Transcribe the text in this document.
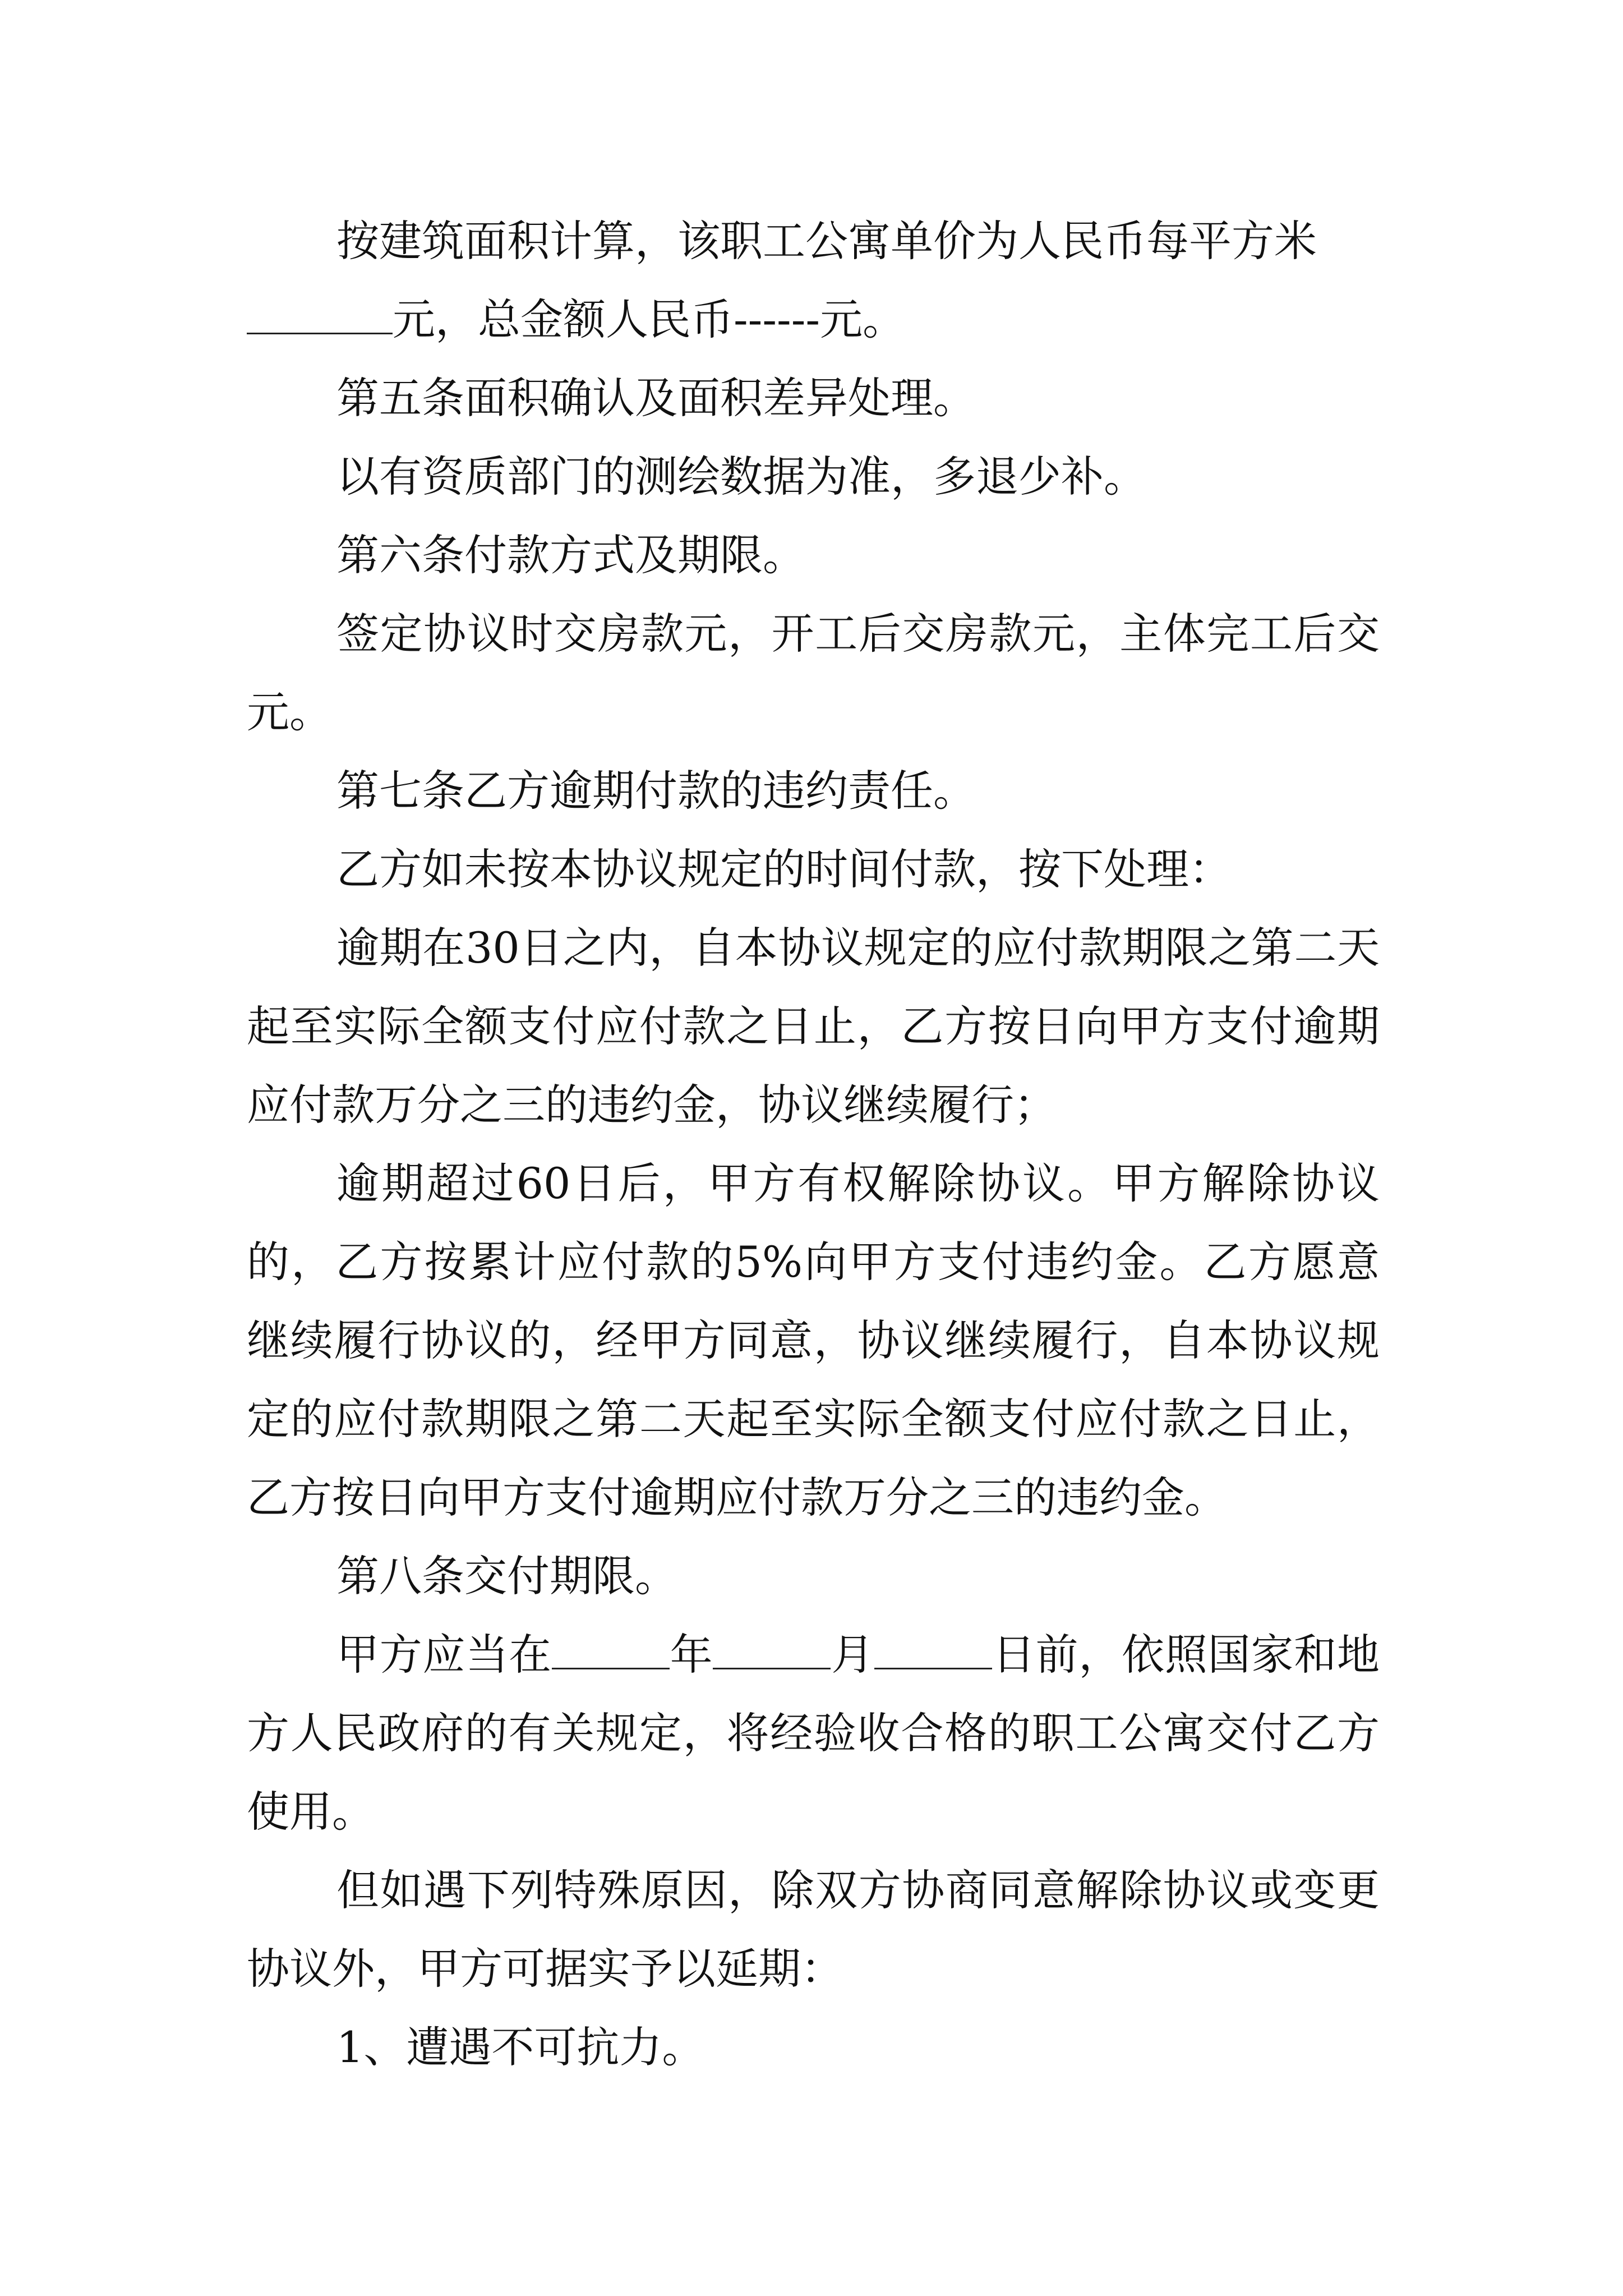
按建筑面积计算，该职工公寓单价为人民币每平方米

元，总金额人民币------元。

第五条面积确认及面积差异处理。

以有资质部门的测绘数据为准，多退少补。

第六条付款方式及期限。

签定协议时交房款元，开工后交房款元，主体完工后交元。

第七条乙方逾期付款的违约责任。

乙方如未按本协议规定的时间付款，按下处理：

逾期在30日之内，自本协议规定的应付款期限之第二天起至实际全额支付应付款之日止，乙方按日向甲方支付逾期应付款万分之三的违约金，协议继续履行；

逾期超过60日后，甲方有权解除协议。甲方解除协议的，乙方按累计应付款的5%向甲方支付违约金。乙方愿意继续履行协议的，经甲方同意，协议继续履行，自本协议规定的应付款期限之第二天起至实际全额支付应付款之日止，乙方按日向甲方支付逾期应付款万分之三的违约金。

第八条交付期限。

甲方应当在	年	月	日前，依照国家和地方人民政府的有关规定，将经验收合格的职工公寓交付乙方使用。

但如遇下列特殊原因，除双方协商同意解除协议或变更协议外，甲方可据实予以延期：

1、遭遇不可抗力。
